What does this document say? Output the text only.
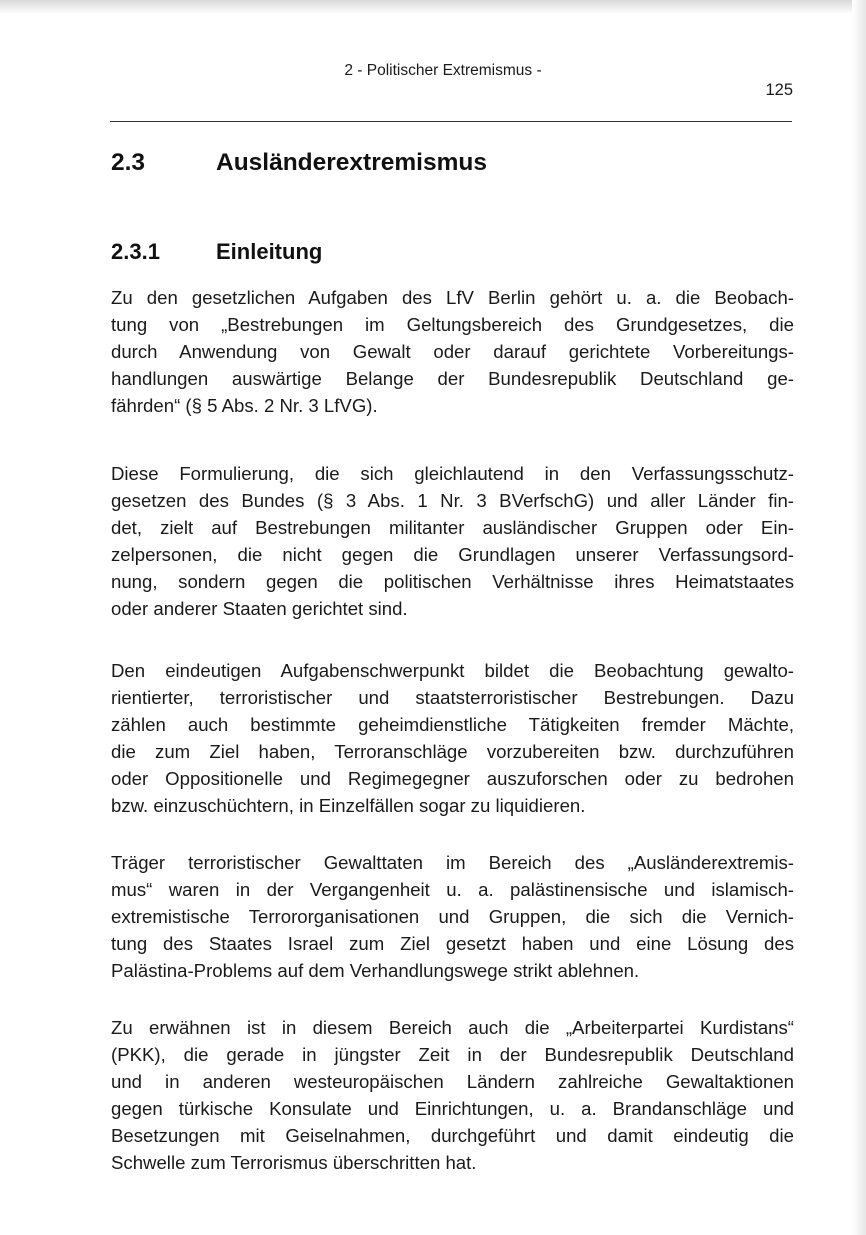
2 - Politischer Extremismus -
125
2.3	Ausländerextremismus
2.3.1	Einleitung
Zu den gesetzlichen Aufgaben des LfV Berlin gehört u. a. die Beobach-
tung von „Bestrebungen im Geltungsbereich des Grundgesetzes, die
durch Anwendung von Gewalt oder darauf gerichtete Vorbereitungs-
handlungen auswärtige Belange der Bundesrepublik Deutschland ge-
fährden“ (§ 5 Abs. 2 Nr. 3 LfVG).
Diese Formulierung, die sich gleichlautend in den Verfassungsschutz-
gesetzen des Bundes (§ 3 Abs. 1 Nr. 3 BVerfschG) und aller Länder fin-
det, zielt auf Bestrebungen militanter ausländischer Gruppen oder Ein-
zelpersonen, die nicht gegen die Grundlagen unserer Verfassungsord-
nung, sondern gegen die politischen Verhältnisse ihres Heimatstaates
oder anderer Staaten gerichtet sind.
Den eindeutigen Aufgabenschwerpunkt bildet die Beobachtung gewalto-
rientierter, terroristischer und staatsterroristischer Bestrebungen. Dazu
zählen auch bestimmte geheimdienstliche Tätigkeiten fremder Mächte,
die zum Ziel haben, Terroranschläge vorzubereiten bzw. durchzuführen
oder Oppositionelle und Regimegegner auszuforschen oder zu bedrohen
bzw. einzuschüchtern, in Einzelfällen sogar zu liquidieren.
Träger terroristischer Gewalttaten im Bereich des „Ausländerextremis-
mus“ waren in der Vergangenheit u. a. palästinensische und islamisch-
extremistische Terrororganisationen und Gruppen, die sich die Vernich-
tung des Staates Israel zum Ziel gesetzt haben und eine Lösung des
Palästina-Problems auf dem Verhandlungswege strikt ablehnen.
Zu erwähnen ist in diesem Bereich auch die „Arbeiterpartei Kurdistans“
(PKK), die gerade in jüngster Zeit in der Bundesrepublik Deutschland
und in anderen westeuropäischen Ländern zahlreiche Gewaltaktionen
gegen türkische Konsulate und Einrichtungen, u. a. Brandanschläge und
Besetzungen mit Geiselnahmen, durchgeführt und damit eindeutig die
Schwelle zum Terrorismus überschritten hat.
